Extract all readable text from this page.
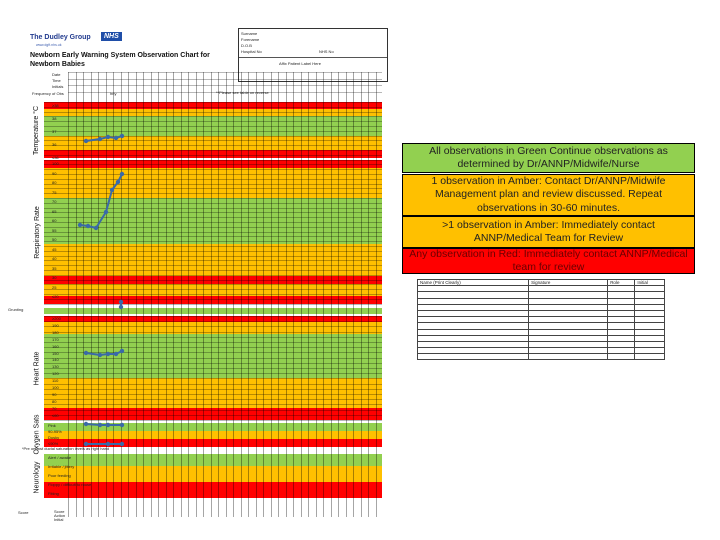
The Dudley Group	NHS
www.dgft.nhs.uk
Newborn Early Warning System Observation Chart for
Newborn Babies
Surname
Forename
D.O.B
Hospital No	NHS No
Affix Patient Label Here
Date
Time
Initials
Frequency of Obs	hrly	**Please see table on reverse
Temperature °C	≥38
38
37
36
≤36
Respiratory Rate
100
90
80
75
70
65
60
55
50
45
40
35
30
25
≤20
Grunting
Heart Rate
≥200
190
180
170
160
150
140
130
120
110
100
90
80
70
≤60
Oxygen Sats Pink
90-95%
Dusky
≤90%
*Pre or post ductal saturation levels as right hand
Neurology
Alert / awake
Irritable / jittery
Poor feeding
Floppy / difficult to rouse
Fitting
Score	Score
Action
Initial
All observations in Green Continue observations as determined by Dr/ANNP/Midwife/Nurse
1 observation in Amber: Contact Dr/ANNP/Midwife Management plan and review discussed. Repeat observations in 30-60 minutes.
>1 observation in Amber: Immediately contact ANNP/Medical Team for Review
Any observation in Red: Immediately contact ANNP/Medical team for review
Name (Print Clearly)	Signature	Role	Initial
